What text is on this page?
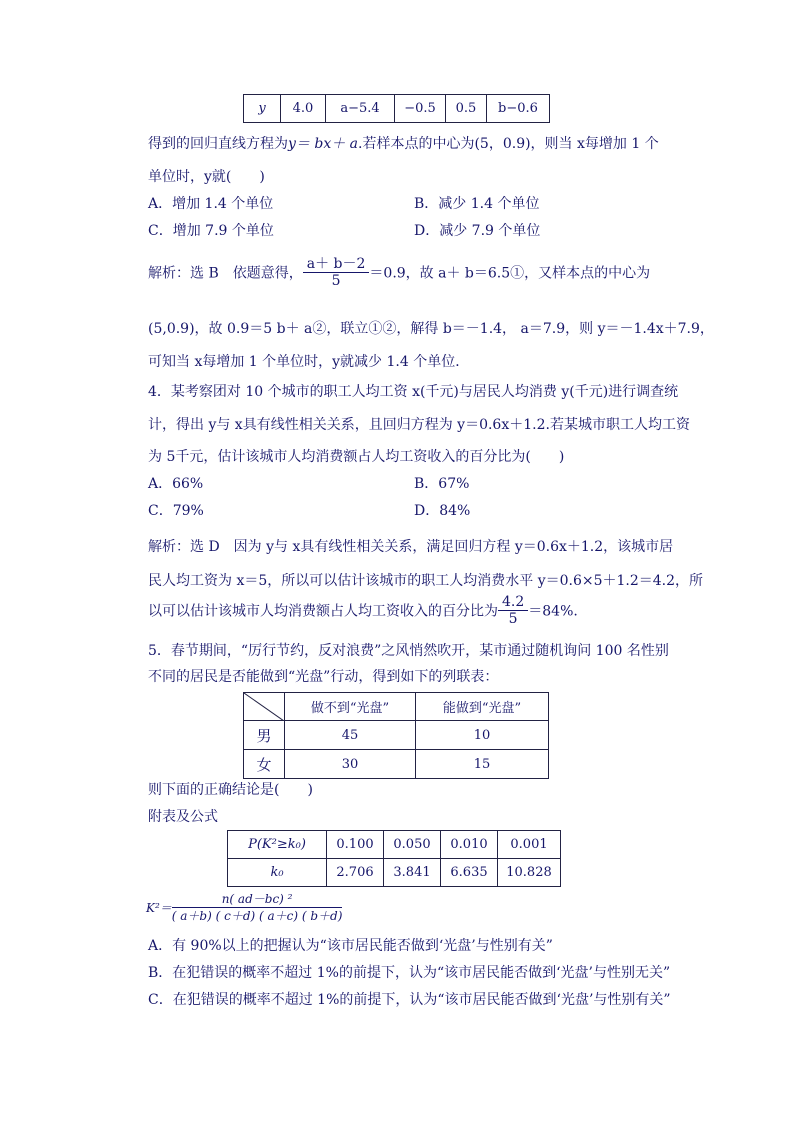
y	4.0	a−5.4	−0.5	0.5	b−0.6
得到的回归直线方程为y＝ bx＋ a.若样本点的中心为(5，0.9)，则当 x每增加 1 个
单位时，y就(　　)
A．增加 1.4 个单位	B．减少 1.4 个单位
C．增加 7.9 个单位	D．减少 7.9 个单位
解析：选 B　依题意得， $\frac{a+ b-2}{5} =0.9$，故 a＋ b＝6.5①，又样本点的中心为
(5,0.9)，故 0.9＝5 b＋ a②，联立①②，解得 b＝－1.4， a＝7.9，则 y＝－1.4x＋7.9，
可知当 x每增加 1 个单位时，y就减少 1.4 个单位．
4．某考察团对 10 个城市的职工人均工资 x(千元)与居民人均消费 y(千元)进行调查统
计，得出 y与 x具有线性相关关系，且回归方程为 y＝0.6x＋1.2.若某城市职工人均工资
为 5千元，估计该城市人均消费额占人均工资收入的百分比为(　　)
A．66%	B．67%
C．79%	D．84%
解析：选 D　因为 y与 x具有线性相关关系，满足回归方程 y＝0.6x＋1.2，该城市居
民人均工资为 x＝5，所以可以估计该城市的职工人均消费水平 y＝0.6×5＋1.2＝4.2，所
以可以估计该城市人均消费额占人均工资收入的百分比为 $\frac{4.2}{5} =84\%$.
5．春节期间，“厉行节约，反对浪费”之风悄然吹开，某市通过随机询问 100 名性别
不同的居民是否能做到“光盘”行动，得到如下的列联表：
	做不到“光盘”	能做到“光盘”
男	45	10
女	30	15
则下面的正确结论是(　　)
附表及公式
P(K²≥k₀)	0.100	0.050	0.010	0.001
k₀	2.706	3.841	6.635	10.828
$K^2= \frac{\text{n( ad－bc) ²}}{( a+b) ( c+d) ( a+c) ( b+d)}$
A．有 90%以上的把握认为“该市居民能否做到‘光盘’与性别有关”
B．在犯错误的概率不超过 1%的前提下，认为“该市居民能否做到‘光盘’与性别无关”
C．在犯错误的概率不超过 1%的前提下，认为“该市居民能否做到‘光盘’与性别有关”
